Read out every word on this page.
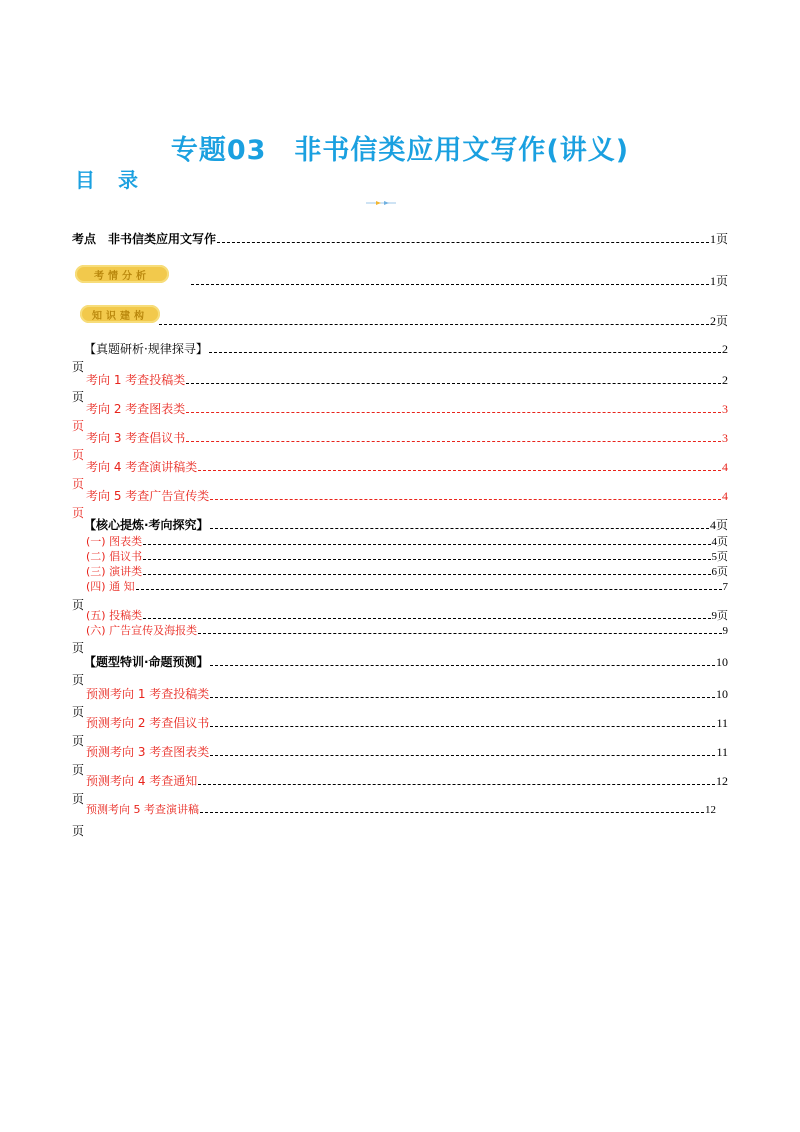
专题03　非书信类应用文写作(讲义)
目 录
考点　非书信类应用文写作	1 页
考情分析	1 页
知识建构	2 页
【真题研析·规律探寻】	2
页
考向 1 考查投稿类	2
页
考向 2 考查图表类	3
页
考向 3 考查倡议书	3
页
考向 4 考查演讲稿类	4
页
考向 5 考查广告宣传类	4
页
【核心提炼·考向探究】	4 页
(一) 图表类	4 页
(二) 倡议书	5 页
(三) 演讲类	6 页
(四) 通 知	7
页
(五) 投稿类	9 页
(六) 广告宣传及海报类	9
页
【题型特训·命题预测】	10
页
预测考向 1 考查投稿类	10
页
预测考向 2 考查倡议书	11
页
预测考向 3 考查图表类	11
页
预测考向 4 考查通知	12
页
预测考向 5 考查演讲稿	12
页
